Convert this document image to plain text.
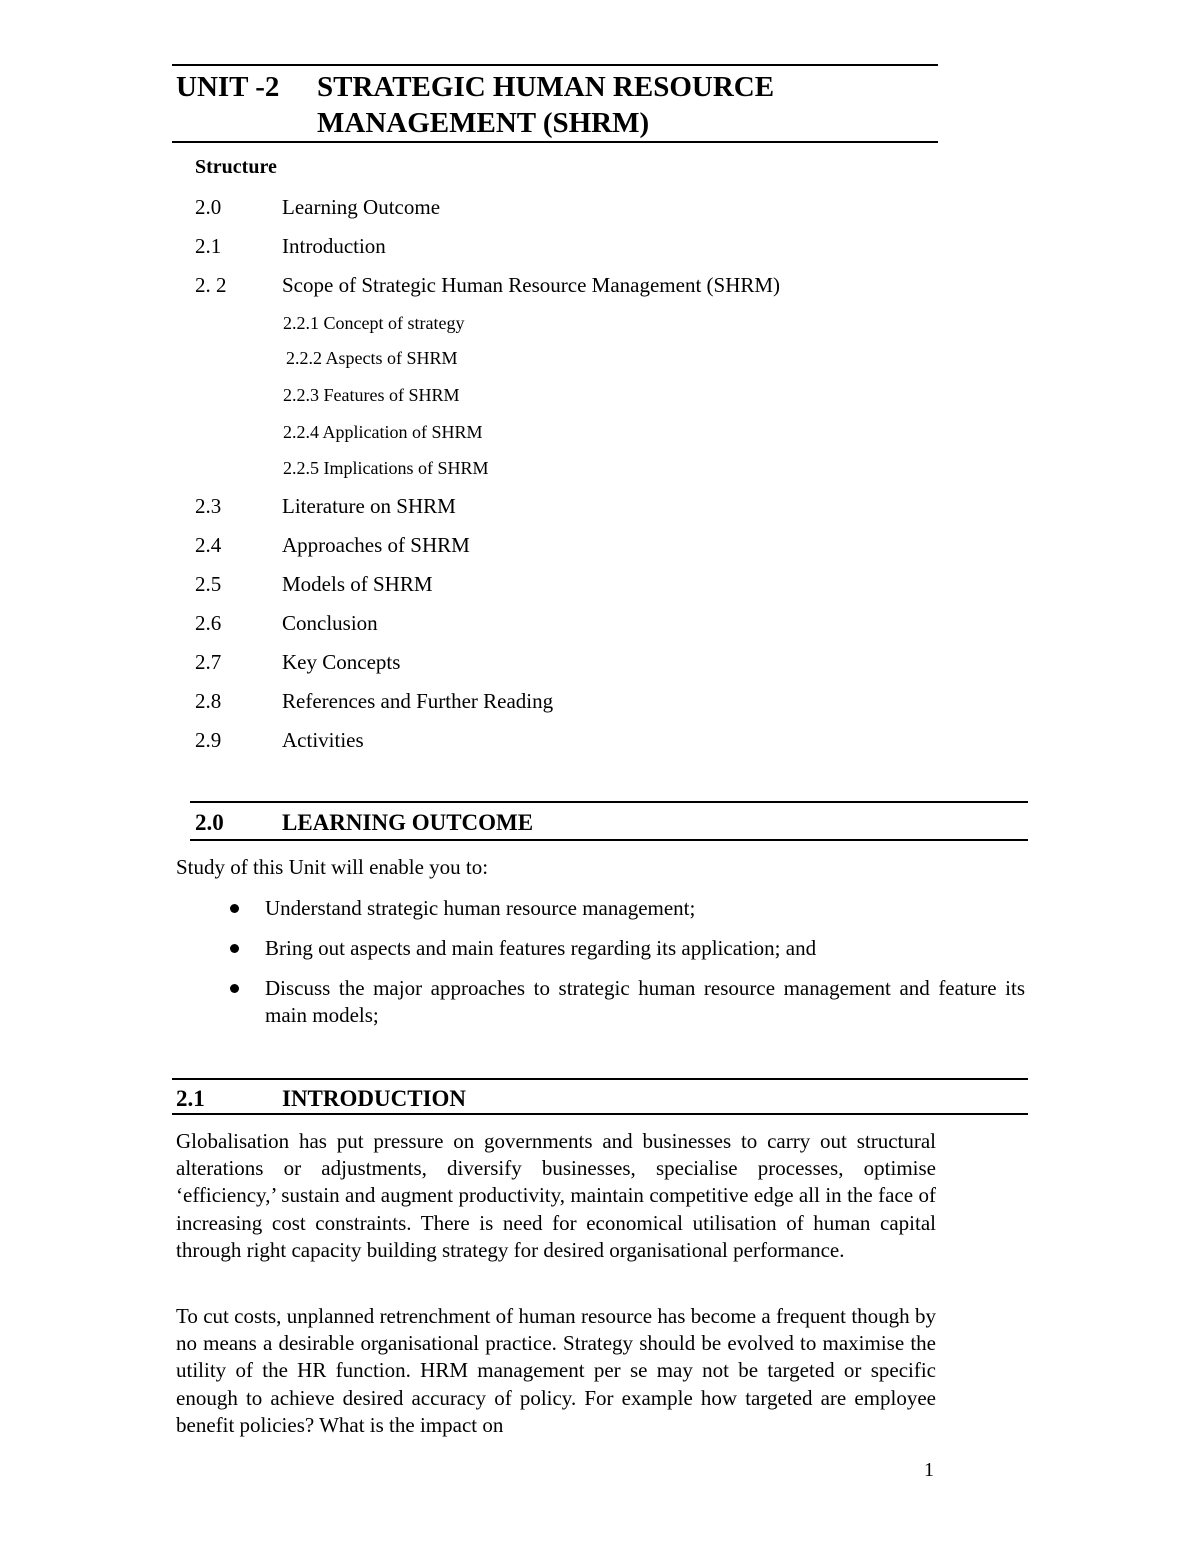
UNIT -2 STRATEGIC HUMAN RESOURCE
MANAGEMENT (SHRM)
Structure
2.0	Learning Outcome
2.1	Introduction
2. 2	Scope of Strategic Human Resource Management (SHRM)
2.2.1 Concept of strategy
2.2.2 Aspects of SHRM
2.2.3 Features of SHRM
2.2.4 Application of SHRM
2.2.5 Implications of SHRM
2.3	Literature on SHRM
2.4	Approaches of SHRM
2.5	Models of SHRM
2.6	Conclusion
2.7	Key Concepts
2.8	References and Further Reading
2.9	Activities
2.0	LEARNING OUTCOME
Study of this Unit will enable you to:
Understand strategic human resource management;
Bring out aspects and main features regarding its application; and
Discuss the major approaches to strategic human resource management and feature its main models;
2.1	INTRODUCTION
Globalisation has put pressure on governments and businesses to carry out structural alterations or adjustments, diversify businesses, specialise processes, optimise ‘efficiency,’ sustain and augment productivity, maintain competitive edge all in the face of increasing cost constraints. There is need for economical utilisation of human capital through right capacity building strategy for desired organisational performance.
To cut costs, unplanned retrenchment of human resource has become a frequent though by no means a desirable organisational practice. Strategy should be evolved to maximise the utility of the HR function. HRM management per se may not be targeted or specific enough to achieve desired accuracy of policy. For example how targeted are employee benefit policies? What is the impact on
1
